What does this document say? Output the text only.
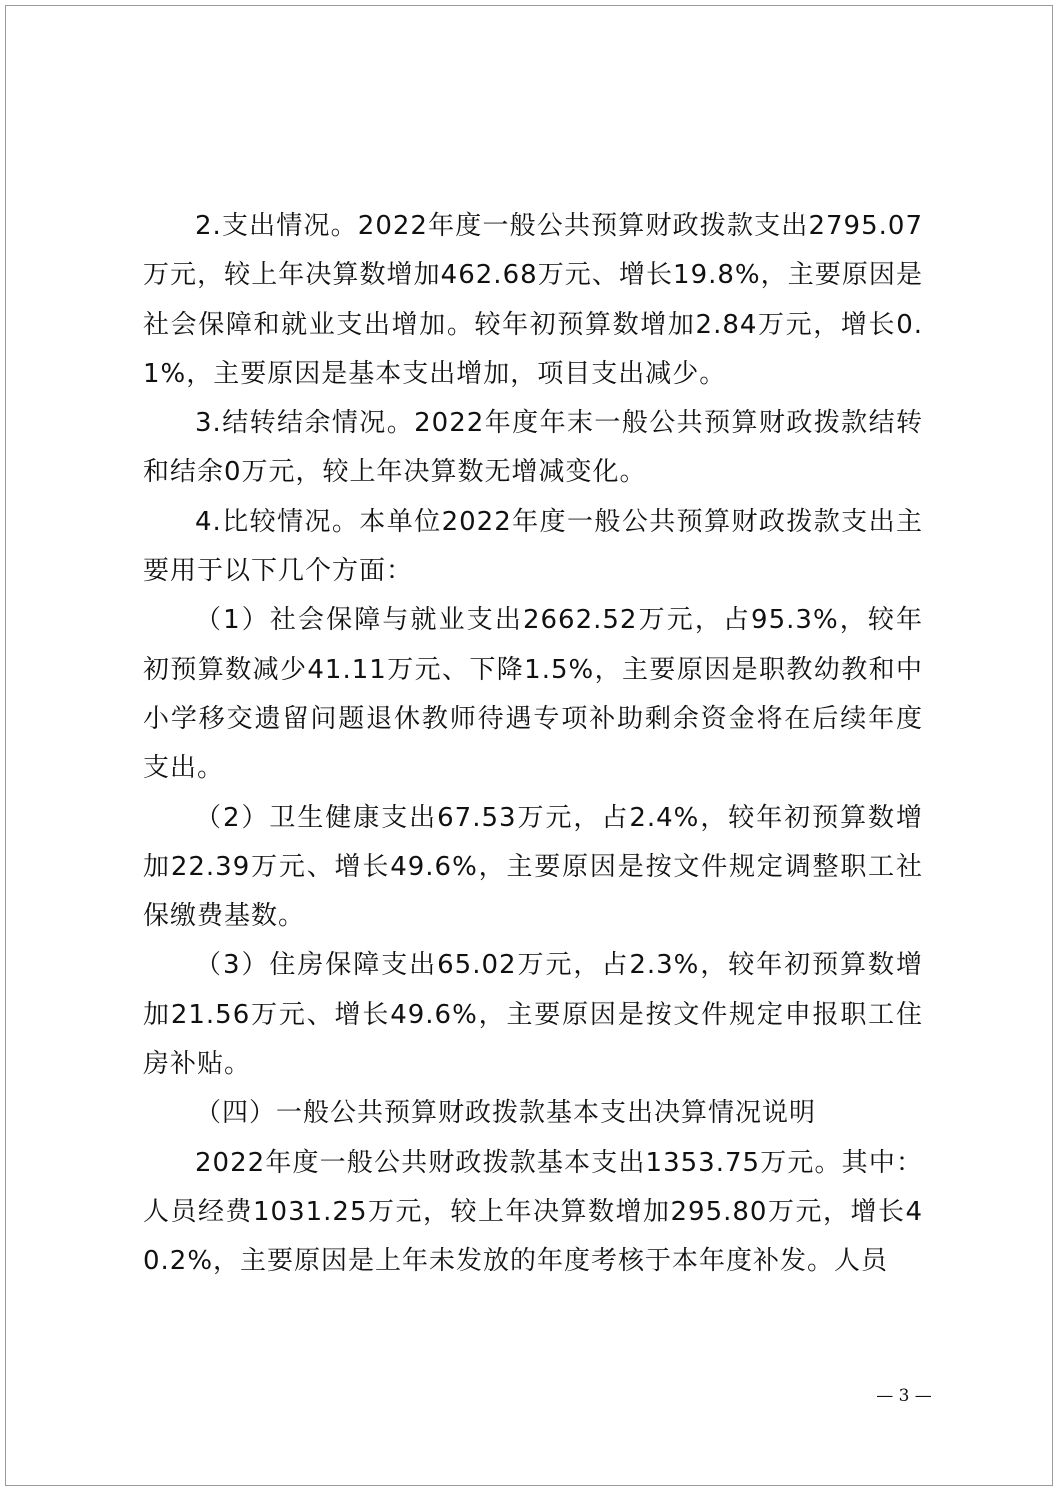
2.支出情况。2022年度一般公共预算财政拨款支出2795.07万元，较上年决算数增加462.68万元、增长19.8%，主要原因是社会保障和就业支出增加。较年初预算数增加2.84万元，增长0.1%，主要原因是基本支出增加，项目支出减少。

3.结转结余情况。2022年度年末一般公共预算财政拨款结转和结余0万元，较上年决算数无增减变化。

4.比较情况。本单位2022年度一般公共预算财政拨款支出主要用于以下几个方面：

（1）社会保障与就业支出2662.52万元，占95.3%，较年初预算数减少41.11万元、下降1.5%，主要原因是职教幼教和中小学移交遗留问题退休教师待遇专项补助剩余资金将在后续年度支出。

（2）卫生健康支出67.53万元，占2.4%，较年初预算数增加22.39万元、增长49.6%，主要原因是按文件规定调整职工社保缴费基数。

（3）住房保障支出65.02万元，占2.3%，较年初预算数增加21.56万元、增长49.6%，主要原因是按文件规定申报职工住房补贴。

（四）一般公共预算财政拨款基本支出决算情况说明

2022年度一般公共财政拨款基本支出1353.75万元。其中：人员经费1031.25万元，较上年决算数增加295.80万元，增长40.2%，主要原因是上年未发放的年度考核于本年度补发。人员

— 3 —
